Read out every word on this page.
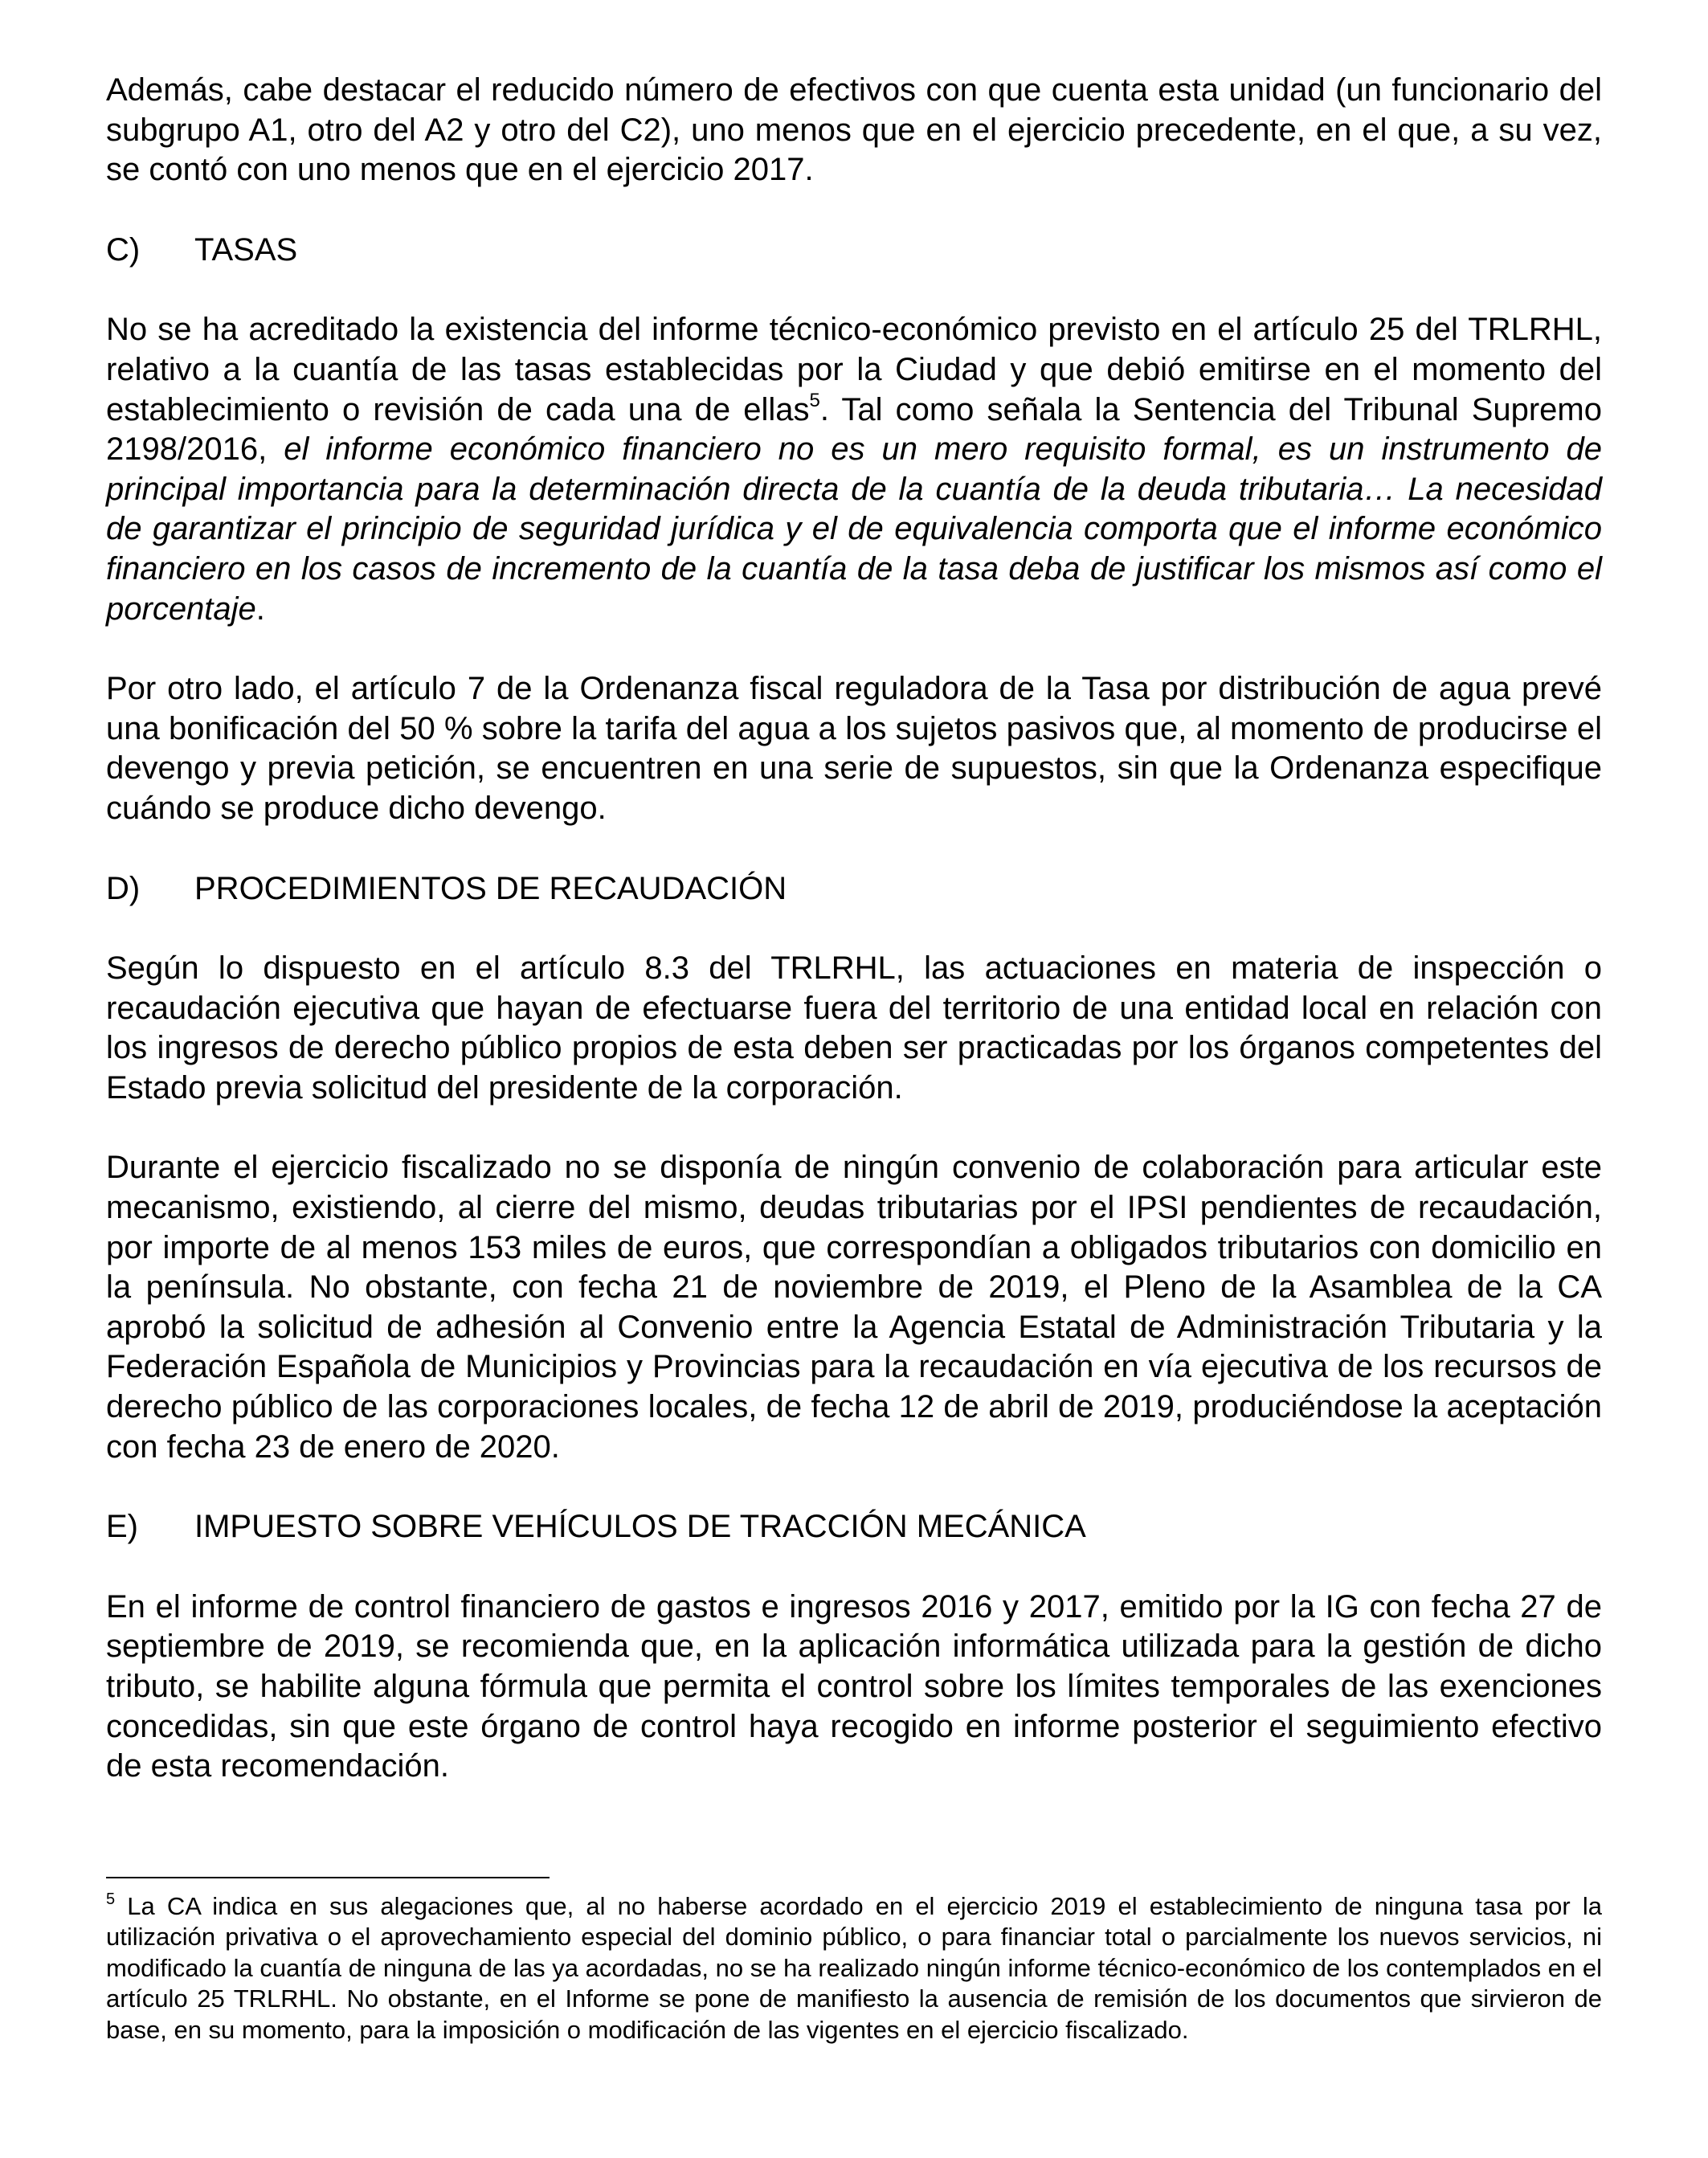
Además, cabe destacar el reducido número de efectivos con que cuenta esta unidad (un funcionario del subgrupo A1, otro del A2 y otro del C2), uno menos que en el ejercicio precedente, en el que, a su vez, se contó con uno menos que en el ejercicio 2017.

C)	TASAS

No se ha acreditado la existencia del informe técnico-económico previsto en el artículo 25 del TRLRHL, relativo a la cuantía de las tasas establecidas por la Ciudad y que debió emitirse en el momento del establecimiento o revisión de cada una de ellas$^5$. Tal como señala la Sentencia del Tribunal Supremo 2198/2016, el informe económico financiero no es un mero requisito formal, es un instrumento de principal importancia para la determinación directa de la cuantía de la deuda tributaria… La necesidad de garantizar el principio de seguridad jurídica y el de equivalencia comporta que el informe económico financiero en los casos de incremento de la cuantía de la tasa deba de justificar los mismos así como el porcentaje.

Por otro lado, el artículo 7 de la Ordenanza fiscal reguladora de la Tasa por distribución de agua prevé una bonificación del 50 % sobre la tarifa del agua a los sujetos pasivos que, al momento de producirse el devengo y previa petición, se encuentren en una serie de supuestos, sin que la Ordenanza especifique cuándo se produce dicho devengo.

D)	PROCEDIMIENTOS DE RECAUDACIÓN

Según lo dispuesto en el artículo 8.3 del TRLRHL, las actuaciones en materia de inspección o recaudación ejecutiva que hayan de efectuarse fuera del territorio de una entidad local en relación con los ingresos de derecho público propios de esta deben ser practicadas por los órganos competentes del Estado previa solicitud del presidente de la corporación.

Durante el ejercicio fiscalizado no se disponía de ningún convenio de colaboración para articular este mecanismo, existiendo, al cierre del mismo, deudas tributarias por el IPSI pendientes de recaudación, por importe de al menos 153 miles de euros, que correspondían a obligados tributarios con domicilio en la península. No obstante, con fecha 21 de noviembre de 2019, el Pleno de la Asamblea de la CA aprobó la solicitud de adhesión al Convenio entre la Agencia Estatal de Administración Tributaria y la Federación Española de Municipios y Provincias para la recaudación en vía ejecutiva de los recursos de derecho público de las corporaciones locales, de fecha 12 de abril de 2019, produciéndose la aceptación con fecha 23 de enero de 2020.

E)	IMPUESTO SOBRE VEHÍCULOS DE TRACCIÓN MECÁNICA

En el informe de control financiero de gastos e ingresos 2016 y 2017, emitido por la IG con fecha 27 de septiembre de 2019, se recomienda que, en la aplicación informática utilizada para la gestión de dicho tributo, se habilite alguna fórmula que permita el control sobre los límites temporales de las exenciones concedidas, sin que este órgano de control haya recogido en informe posterior el seguimiento efectivo de esta recomendación.

$^5$ La CA indica en sus alegaciones que, al no haberse acordado en el ejercicio 2019 el establecimiento de ninguna tasa por la utilización privativa o el aprovechamiento especial del dominio público, o para financiar total o parcialmente los nuevos servicios, ni modificado la cuantía de ninguna de las ya acordadas, no se ha realizado ningún informe técnico-económico de los contemplados en el artículo 25 TRLRHL. No obstante, en el Informe se pone de manifiesto la ausencia de remisión de los documentos que sirvieron de base, en su momento, para la imposición o modificación de las vigentes en el ejercicio fiscalizado.
